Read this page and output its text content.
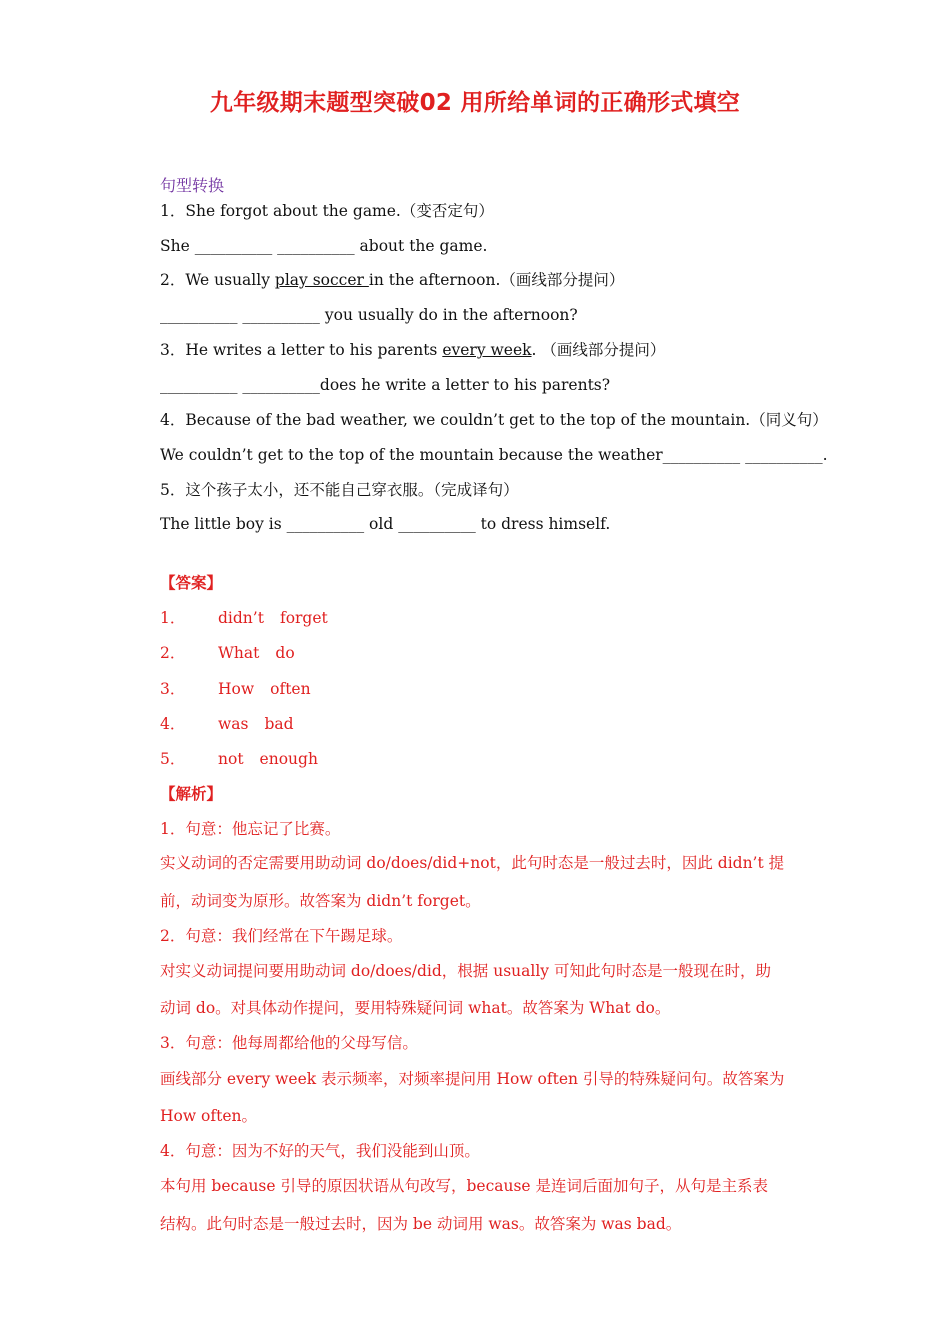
九年级期末题型突破02 用所给单词的正确形式填空
句型转换
1．She forgot about the game.（变否定句）
She __________ __________ about the game.
2．We usually play soccer in the afternoon.（画线部分提问）
__________ __________ you usually do in the afternoon?
3．He writes a letter to his parents every week. （画线部分提问）
__________ __________does he write a letter to his parents?
4．Because of the bad weather, we couldn’t get to the top of the mountain.（同义句）
We couldn’t get to the top of the mountain because the weather__________ __________.
5．这个孩子太小，还不能自己穿衣服。（完成译句）
The little boy is __________ old __________ to dress himself.
【答案】
1． didn’t forget
2． What do
3． How often
4． was bad
5． not enough
【解析】
1．句意：他忘记了比赛。
实义动词的否定需要用助动词 do/does/did+not，此句时态是一般过去时，因此 didn’t 提
前，动词变为原形。故答案为 didn’t forget。
2．句意：我们经常在下午踢足球。
对实义动词提问要用助动词 do/does/did，根据 usually 可知此句时态是一般现在时，助
动词 do。对具体动作提问，要用特殊疑问词 what。故答案为 What do。
3．句意：他每周都给他的父母写信。
画线部分 every week 表示频率，对频率提问用 How often 引导的特殊疑问句。故答案为
How often。
4．句意：因为不好的天气，我们没能到山顶。
本句用 because 引导的原因状语从句改写，because 是连词后面加句子，从句是主系表
结构。此句时态是一般过去时，因为 be 动词用 was。故答案为 was bad。
